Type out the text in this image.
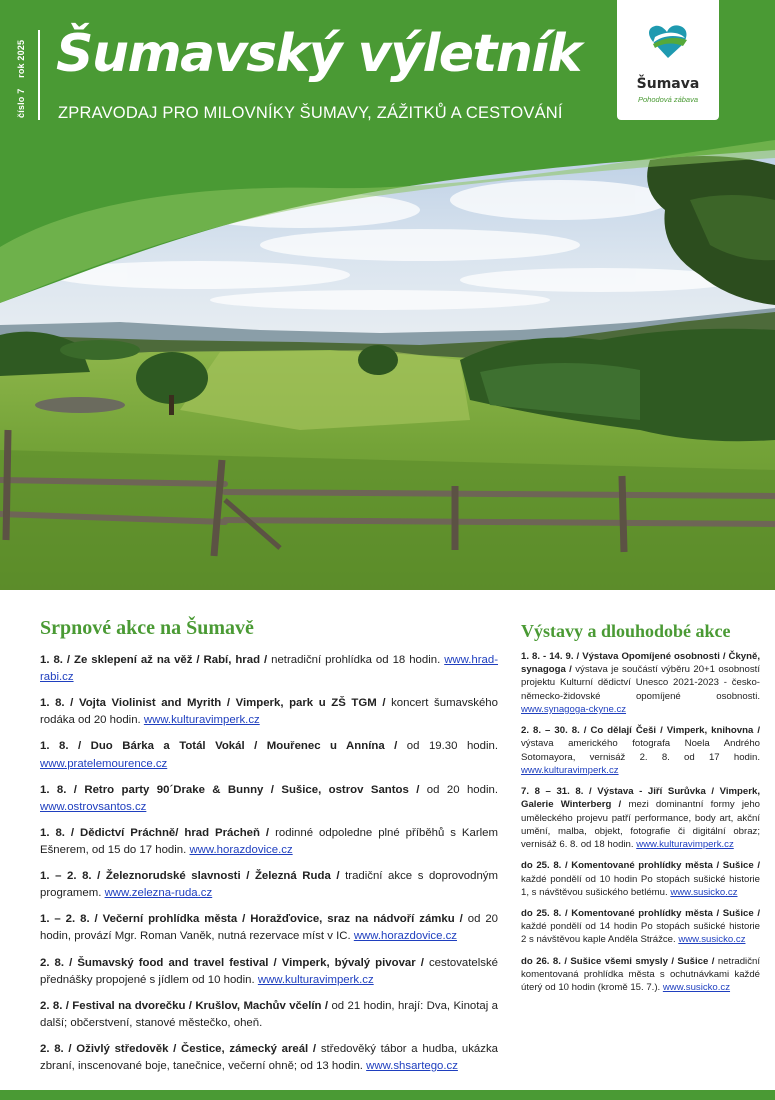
číslo 7 rok 2025 Šumavský výletník
ZPRAVODAJ PRO MILOVNÍKY ŠUMAVY, ZÁŽITKŮ A CESTOVÁNÍ
Šumava
Pohodová zábava
Srpnové akce na Šumavě

1. 8. / Ze sklepení až na věž / Rabí, hrad / netradiční prohlídka od 18 hodin. www.hrad-rabi.cz

1. 8. / Vojta Violinist and Myrith / Vimperk, park u ZŠ TGM / koncert šumavského rodáka od 20 hodin. www.kulturavimperk.cz

1. 8. / Duo Bárka a Totál Vokál / Mouřenec u Annína / od 19.30 hodin. www.pratelemourence.cz

1. 8. / Retro party 90´Drake & Bunny / Sušice, ostrov Santos / od 20 hodin. www.ostrovsantos.cz

1. 8. / Dědictví Práchně/ hrad Prácheň / rodinné odpoledne plné příběhů s Karlem Ešnerem, od 15 do 17 hodin. www.horazdovice.cz

1. – 2. 8. / Železnorudské slavnosti / Železná Ruda / tradiční akce s doprovodným programem. www.zelezna-ruda.cz

1. – 2. 8. / Večerní prohlídka města / Horažďovice, sraz na nádvoří zámku / od 20 hodin, provází Mgr. Roman Vaněk, nutná rezervace míst v IC. www.horazdovice.cz

2. 8. / Šumavský food and travel festival / Vimperk, bývalý pivovar / cestovatelské přednášky propojené s jídlem od 10 hodin. www.kulturavimperk.cz

2. 8. / Festival na dvorečku / Krušlov, Machův včelín / od 21 hodin, hrají: Dva, Kinotaj a další; občerstvení, stanové městečko, oheň.

2. 8. / Oživlý středověk / Čestice, zámecký areál / středověký tábor a hudba, ukázka zbraní, inscenované boje, tanečnice, večerní ohně; od 13 hodin. www.shsartego.cz

Výstavy a dlouhodobé akce

1. 8. - 14. 9. / Výstava Opomíjené osobnosti / Čkyně, synagoga / výstava je součástí výběru 20+1 osobností projektu Kulturní dědictví Unesco 2021-2023 - česko-německo-židovské opomíjené osobnosti. www.synagoga-ckyne.cz

2. 8. – 30. 8. / Co dělají Češi / Vimperk, knihovna / výstava amerického fotografa Noela Andrého Sotomayora, vernisáž 2. 8. od 17 hodin. www.kulturavimperk.cz

7. 8 – 31. 8. / Výstava - Jiří Surůvka / Vimperk, Galerie Winterberg / mezi dominantní formy jeho uměleckého projevu patří performance, body art, akční umění, malba, objekt, fotografie či digitální obraz; vernisáž 6. 8. od 18 hodin. www.kulturavimperk.cz

do 25. 8. / Komentované prohlídky města / Sušice / každé pondělí od 10 hodin Po stopách sušické historie 1, s návštěvou sušického betlému. www.susicko.cz

do 25. 8. / Komentované prohlídky města / Sušice / každé pondělí od 14 hodin Po stopách sušické historie 2 s návštěvou kaple Anděla Strážce. www.susicko.cz

do 26. 8. / Sušice všemi smysly / Sušice / netradiční komentovaná prohlídka města s ochutnávkami každé úterý od 10 hodin (kromě 15. 7.). www.susicko.cz
